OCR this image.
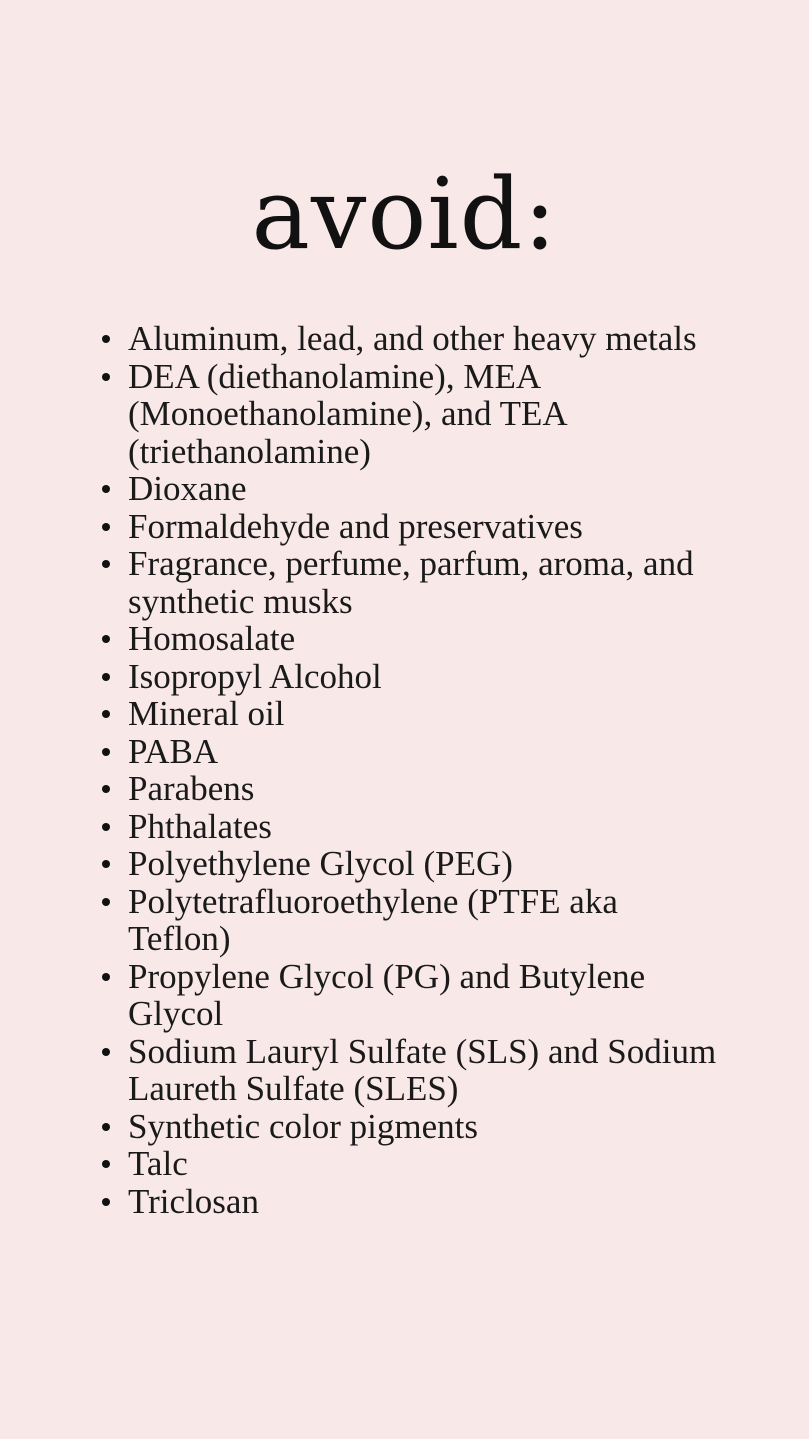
avoid:
Aluminum, lead, and other heavy metals
DEA (diethanolamine), MEA (Monoethanolamine), and TEA (triethanolamine)
Dioxane
Formaldehyde and preservatives
Fragrance, perfume, parfum, aroma, and synthetic musks
Homosalate
Isopropyl Alcohol
Mineral oil
PABA
Parabens
Phthalates
Polyethylene Glycol (PEG)
Polytetrafluoroethylene (PTFE aka Teflon)
Propylene Glycol (PG) and Butylene Glycol
Sodium Lauryl Sulfate (SLS) and Sodium Laureth Sulfate (SLES)
Synthetic color pigments
Talc
Triclosan
